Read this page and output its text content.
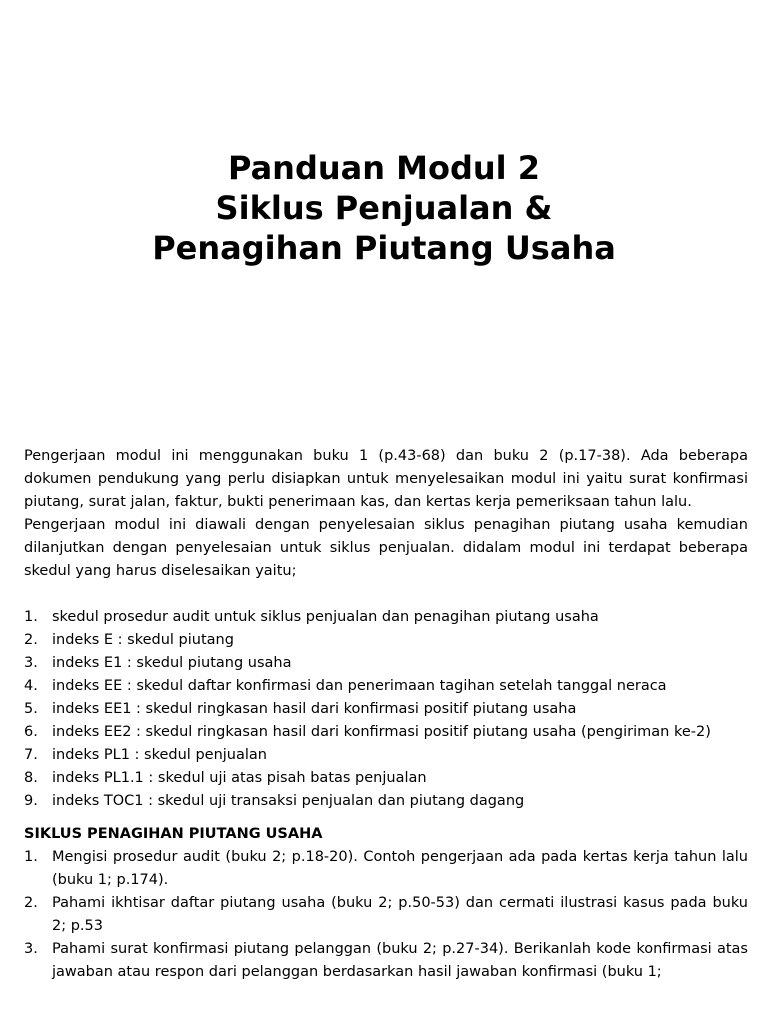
Panduan Modul 2
Siklus Penjualan &
Penagihan Piutang Usaha

Pengerjaan modul ini menggunakan buku 1 (p.43-68) dan buku 2 (p.17-38). Ada beberapa dokumen pendukung yang perlu disiapkan untuk menyelesaikan modul ini yaitu surat konfirmasi piutang, surat jalan, faktur, bukti penerimaan kas, dan kertas kerja pemeriksaan tahun lalu.

Pengerjaan modul ini diawali dengan penyelesaian siklus penagihan piutang usaha kemudian dilanjutkan dengan penyelesaian untuk siklus penjualan. didalam modul ini terdapat beberapa skedul yang harus diselesaikan yaitu;

1. skedul prosedur audit untuk siklus penjualan dan penagihan piutang usaha
2. indeks E : skedul piutang
3. indeks E1 : skedul piutang usaha
4. indeks EE : skedul daftar konfirmasi dan penerimaan tagihan setelah tanggal neraca
5. indeks EE1 : skedul ringkasan hasil dari konfirmasi positif piutang usaha
6. indeks EE2 : skedul ringkasan hasil dari konfirmasi positif piutang usaha (pengiriman ke-2)
7. indeks PL1 : skedul penjualan
8. indeks PL1.1 : skedul uji atas pisah batas penjualan
9. indeks TOC1 : skedul uji transaksi penjualan dan piutang dagang

SIKLUS PENAGIHAN PIUTANG USAHA

1. Mengisi prosedur audit (buku 2; p.18-20). Contoh pengerjaan ada pada kertas kerja tahun lalu (buku 1; p.174).
2. Pahami ikhtisar daftar piutang usaha (buku 2; p.50-53) dan cermati ilustrasi kasus pada buku 2; p.53
3. Pahami surat konfirmasi piutang pelanggan (buku 2; p.27-34). Berikanlah kode konfirmasi atas jawaban atau respon dari pelanggan berdasarkan hasil jawaban konfirmasi (buku 1;
